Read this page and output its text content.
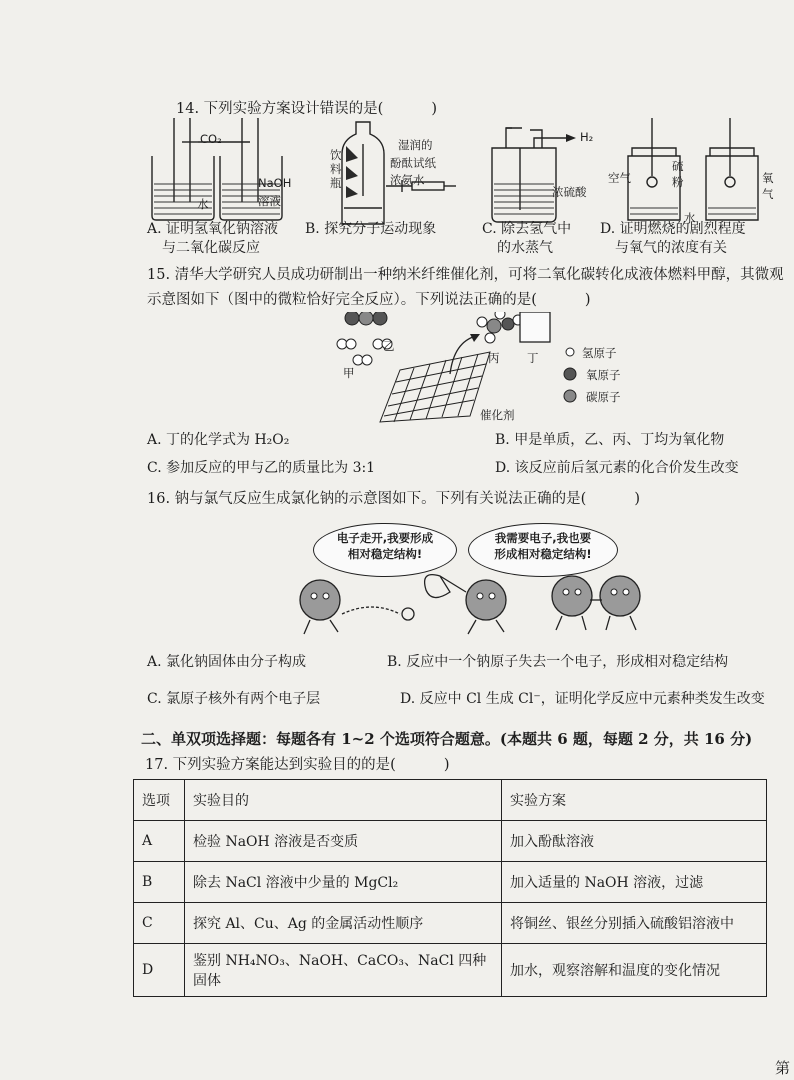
14. 下列实验方案设计错误的是(	)
CO₂
水
NaOH
溶液
饮料瓶
湿润的
酚酞试纸
浓氨水
H₂
浓硫酸
空气
硫
粉
水
氧
气
A. 证明氢氧化钠溶液
与二氧化碳反应
B. 探究分子运动现象	C. 除去氢气中
的水蒸气
D. 证明燃烧的剧烈程度
与氧气的浓度有关
15. 清华大学研究人员成功研制出一种纳米纤维催化剂，可将二氧化碳转化成液体燃料甲醇，其微观
示意图如下（图中的微粒恰好完全反应）。下列说法正确的是(	)
乙
甲
丙 丁
催化剂
氢原子
氧原子
碳原子
A. 丁的化学式为 H₂O₂	B. 甲是单质，乙、丙、丁均为氧化物
C. 参加反应的甲与乙的质量比为 3:1	D. 该反应前后氢元素的化合价发生改变
16. 钠与氯气反应生成氯化钠的示意图如下。下列有关说法正确的是(	)
电子走开,我要形成
相对稳定结构!
我需要电子,我也要
形成相对稳定结构!
A. 氯化钠固体由分子构成	B. 反应中一个钠原子失去一个电子，形成相对稳定结构
C. 氯原子核外有两个电子层	D. 反应中 Cl 生成 Cl⁻，证明化学反应中元素种类发生改变
二、单双项选择题：每题各有 1~2 个选项符合题意。(本题共 6 题，每题 2 分，共 16 分)
17. 下列实验方案能达到实验目的的是(	)
选项	实验目的	实验方案
A	检验 NaOH 溶液是否变质	加入酚酞溶液
B	除去 NaCl 溶液中少量的 MgCl₂	加入适量的 NaOH 溶液，过滤
C	探究 Al、Cu、Ag 的金属活动性顺序	将铜丝、银丝分别插入硫酸铝溶液中
D	鉴别 NH₄NO₃、NaOH、CaCO₃、NaCl 四种固体	加水，观察溶解和温度的变化情况
第
